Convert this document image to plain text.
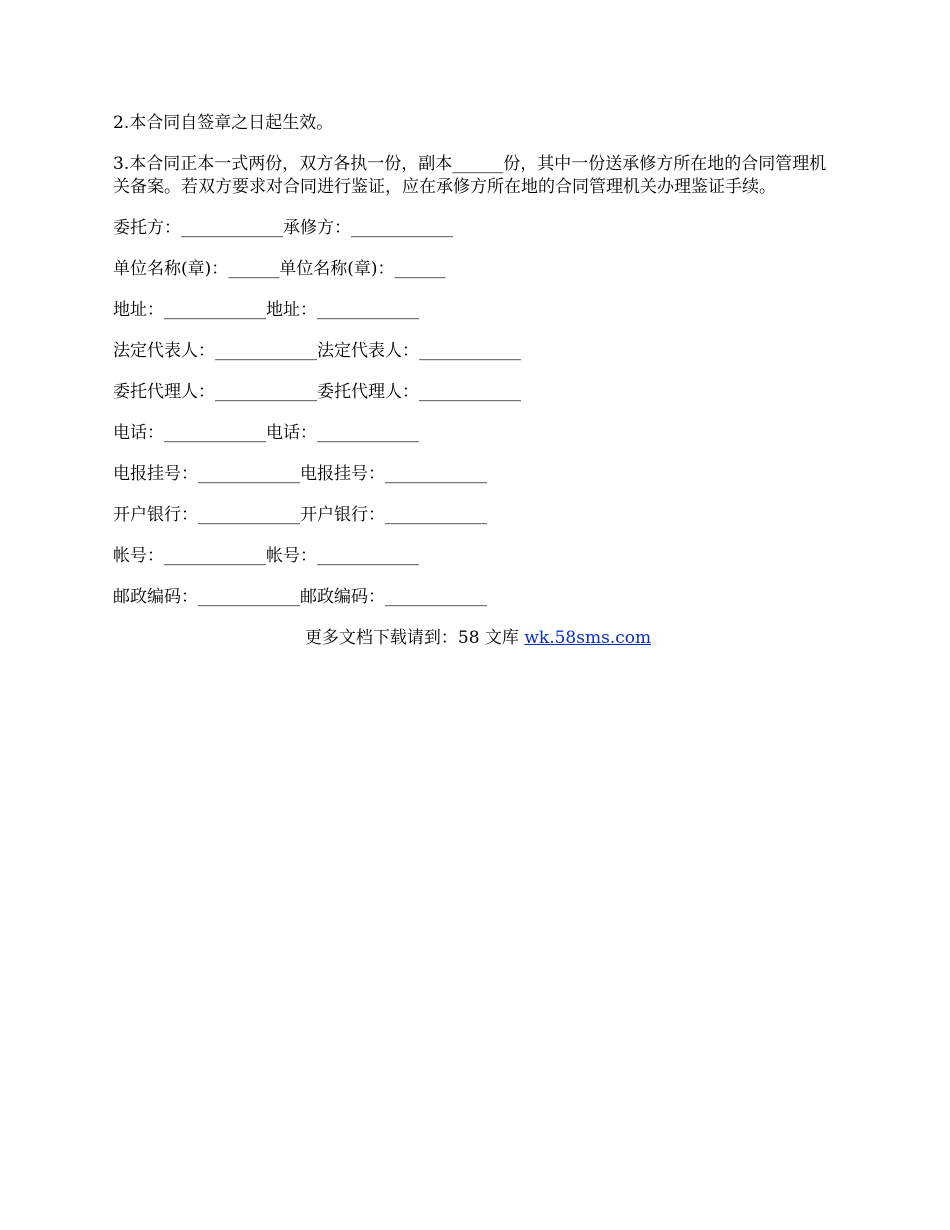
2.本合同自签章之日起生效。

3.本合同正本一式两份，双方各执一份，副本______份，其中一份送承修方所在地的合同管理机关备案。若双方要求对合同进行鉴证，应在承修方所在地的合同管理机关办理鉴证手续。

委托方：____________承修方：____________
单位名称(章)：______单位名称(章)：______
地址：____________地址：____________
法定代表人：____________法定代表人：____________
委托代理人：____________委托代理人：____________
电话：____________电话：____________
电报挂号：____________电报挂号：____________
开户银行：____________开户银行：____________
帐号：____________帐号：____________
邮政编码：____________邮政编码：____________
更多文档下载请到：58 文库 wk.58sms.com
